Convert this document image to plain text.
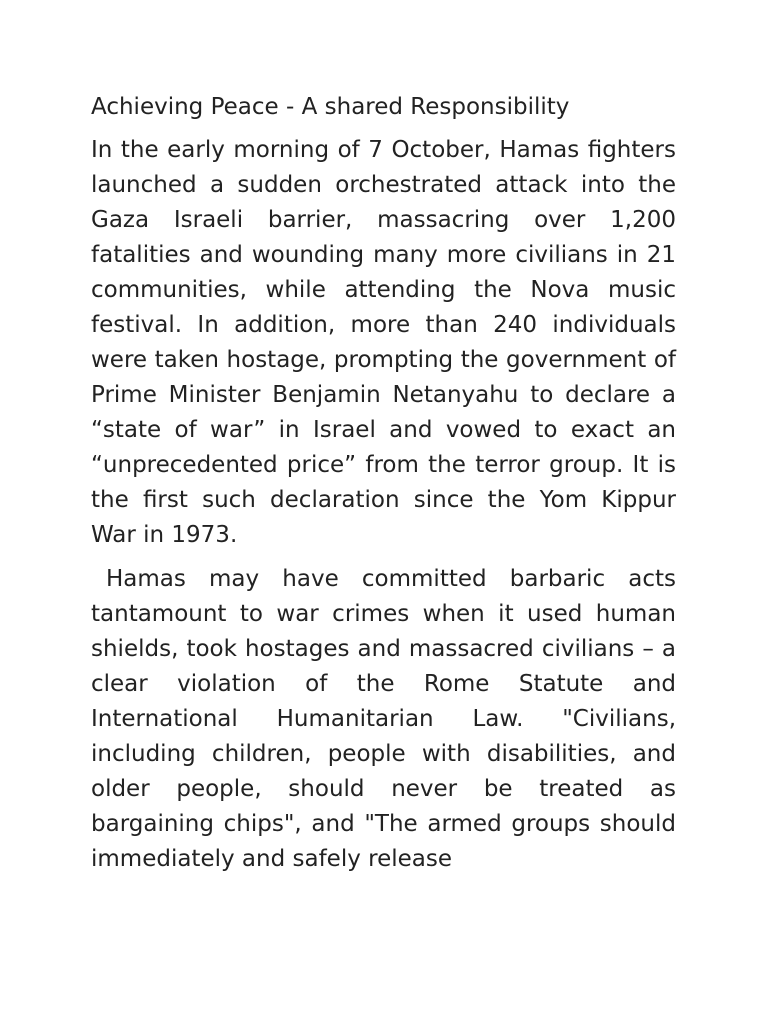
Achieving Peace - A shared Responsibility

In the early morning of 7 October, Hamas fighters launched a sudden orchestrated attack into the Gaza Israeli barrier, massacring over 1,200 fatalities and wounding many more civilians in 21 communities, while attending the Nova music festival. In addition, more than 240 individuals were taken hostage, prompting the government of Prime Minister Benjamin Netanyahu to declare a “state of war” in Israel and vowed to exact an “unprecedented price” from the terror group. It is the first such declaration since the Yom Kippur War in 1973.

Hamas may have committed barbaric acts tantamount to war crimes when it used human shields, took hostages and massacred civilians – a clear violation of the Rome Statute and International Humanitarian Law. "Civilians, including children, people with disabilities, and older people, should never be treated as bargaining chips", and "The armed groups should immediately and safely release
